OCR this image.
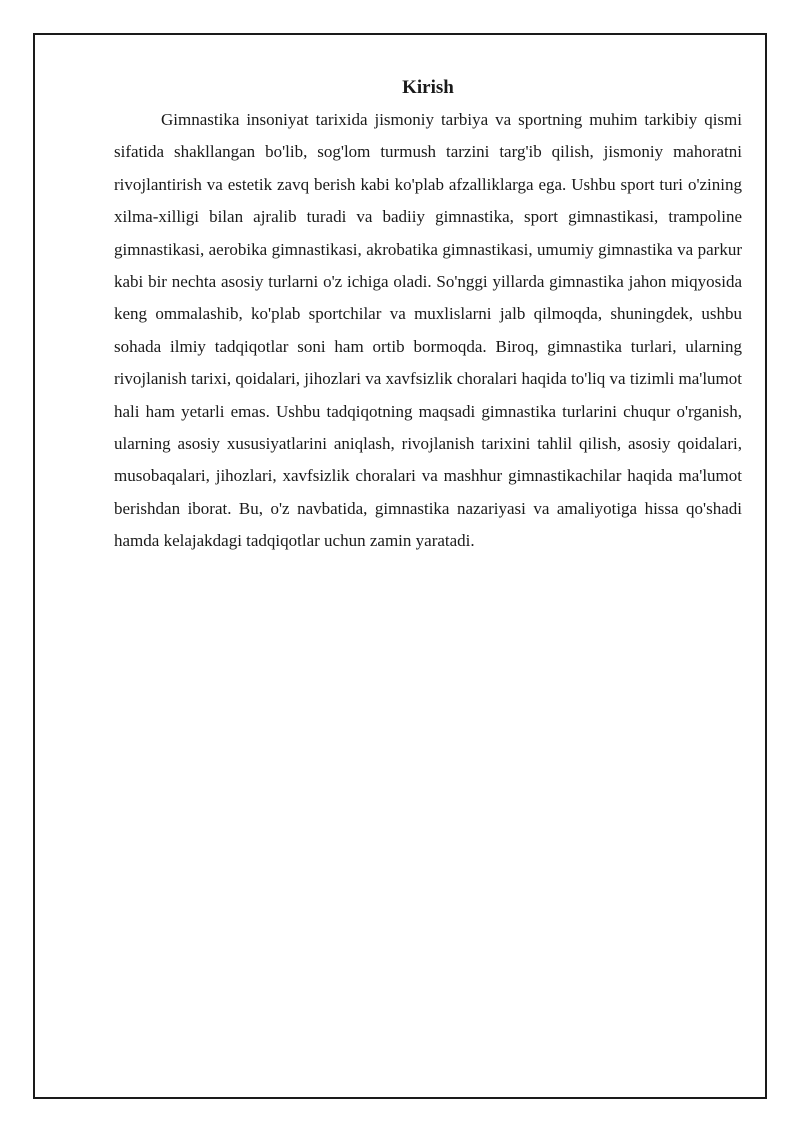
Kirish

Gimnastika insoniyat tarixida jismoniy tarbiya va sportning muhim tarkibiy qismi sifatida shakllangan bo'lib, sog'lom turmush tarzini targ'ib qilish, jismoniy mahoratni rivojlantirish va estetik zavq berish kabi ko'plab afzalliklarga ega. Ushbu sport turi o'zining xilma-xilligi bilan ajralib turadi va badiiy gimnastika, sport gimnastikasi, trampoline gimnastikasi, aerobika gimnastikasi, akrobatika gimnastikasi, umumiy gimnastika va parkur kabi bir nechta asosiy turlarni o'z ichiga oladi. So'nggi yillarda gimnastika jahon miqyosida keng ommalashib, ko'plab sportchilar va muxlislarni jalb qilmoqda, shuningdek, ushbu sohada ilmiy tadqiqotlar soni ham ortib bormoqda. Biroq, gimnastika turlari, ularning rivojlanish tarixi, qoidalari, jihozlari va xavfsizlik choralari haqida to'liq va tizimli ma'lumot hali ham yetarli emas. Ushbu tadqiqotning maqsadi gimnastika turlarini chuqur o'rganish, ularning asosiy xususiyatlarini aniqlash, rivojlanish tarixini tahlil qilish, asosiy qoidalari, musobaqalari, jihozlari, xavfsizlik choralari va mashhur gimnastikachilar haqida ma'lumot berishdan iborat. Bu, o'z navbatida, gimnastika nazariyasi va amaliyotiga hissa qo'shadi hamda kelajakdagi tadqiqotlar uchun zamin yaratadi.
